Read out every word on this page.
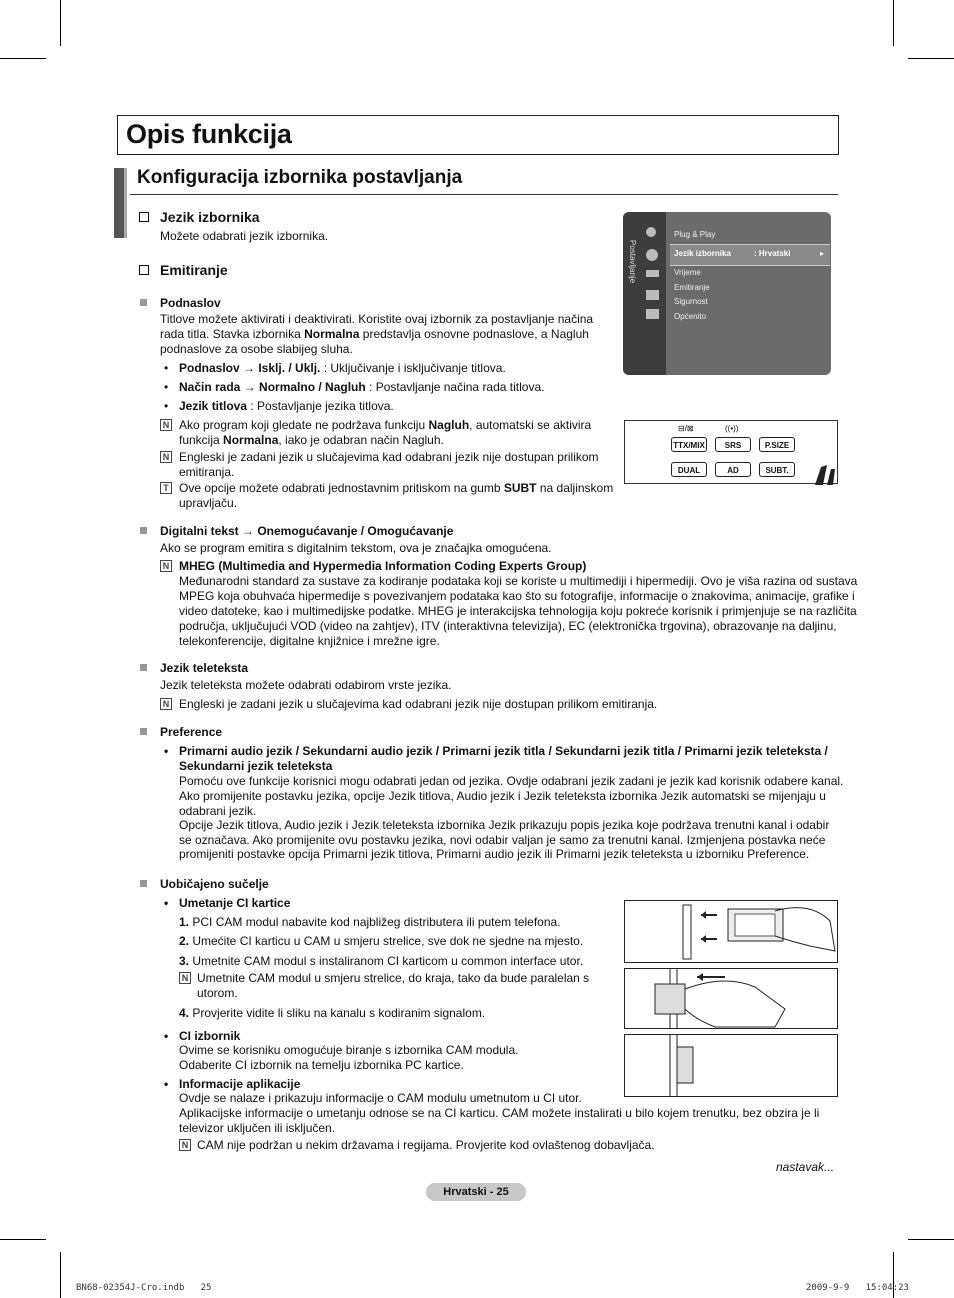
Opis funkcija
Konfiguracija izbornika postavljanja
Jezik izbornika
Možete odabrati jezik izbornika.
Emitiranje
Podnaslov
Titlove možete aktivirati i deaktivirati. Koristite ovaj izbornik za postavljanje načina
rada titla. Stavka izbornika Normalna predstavlja osnovne podnaslove, a Nagluh
podnaslove za osobe slabijeg sluha.
• Podnaslov → Isklj. / Uklj. : Uključivanje i isključivanje titlova.
• Način rada → Normalno / Nagluh : Postavljanje načina rada titlova.
• Jezik titlova : Postavljanje jezika titlova.
N Ako program koji gledate ne podržava funkciju Nagluh, automatski se aktivira
funkcija Normalna, iako je odabran način Nagluh.
N Engleski je zadani jezik u slučajevima kad odabrani jezik nije dostupan prilikom
emitiranja.
T Ove opcije možete odabrati jednostavnim pritiskom na gumb SUBT na daljinskom
upravljaču.
Digitalni tekst → Onemogućavanje / Omogućavanje
Ako se program emitira s digitalnim tekstom, ova je značajka omogućena.
N MHEG (Multimedia and Hypermedia Information Coding Experts Group)
Međunarodni standard za sustave za kodiranje podataka koji se koriste u multimediji i hipermediji. Ovo je viša razina od sustava
MPEG koja obuhvaća hipermedije s povezivanjem podataka kao što su fotografije, informacije o znakovima, animacije, grafike i
video datoteke, kao i multimedijske podatke. MHEG je interakcijska tehnologija koju pokreće korisnik i primjenjuje se na različita
područja, uključujući VOD (video na zahtjev), ITV (interaktivna televizija), EC (elektronička trgovina), obrazovanje na daljinu,
telekonferencije, digitalne knjižnice i mrežne igre.
Jezik teleteksta
Jezik teleteksta možete odabrati odabirom vrste jezika.
N Engleski je zadani jezik u slučajevima kad odabrani jezik nije dostupan prilikom emitiranja.
Preference
• Primarni audio jezik / Sekundarni audio jezik / Primarni jezik titla / Sekundarni jezik titla / Primarni jezik teleteksta /
Sekundarni jezik teleteksta
Pomoću ove funkcije korisnici mogu odabrati jedan od jezika. Ovdje odabrani jezik zadani je jezik kad korisnik odabere kanal.
Ako promijenite postavku jezika, opcije Jezik titlova, Audio jezik i Jezik teleteksta izbornika Jezik automatski se mijenjaju u
odabrani jezik.
Opcije Jezik titlova, Audio jezik i Jezik teleteksta izbornika Jezik prikazuju popis jezika koje podržava trenutni kanal i odabir
se označava. Ako promijenite ovu postavku jezika, novi odabir valjan je samo za trenutni kanal. Izmjenjena postavka neće
promijeniti postavke opcija Primarni jezik titlova, Primarni audio jezik ili Primarni jezik teleteksta u izborniku Preference.
Uobičajeno sučelje
• Umetanje CI kartice
1. PCI CAM modul nabavite kod najbližeg distributera ili putem telefona.
2. Umećite CI karticu u CAM u smjeru strelice, sve dok ne sjedne na mjesto.
3. Umetnite CAM modul s instaliranom CI karticom u common interface utor.
N Umetnite CAM modul u smjeru strelice, do kraja, tako da bude paralelan s
utorom.
4. Provjerite vidite li sliku na kanalu s kodiranim signalom.
• CI izbornik
Ovime se korisniku omogućuje biranje s izbornika CAM modula.
Odaberite CI izbornik na temelju izbornika PC kartice.
• Informacije aplikacije
Ovdje se nalaze i prikazuju informacije o CAM modulu umetnutom u CI utor.
Aplikacijske informacije o umetanju odnose se na CI karticu. CAM možete instalirati u bilo kojem trenutku, bez obzira je li
televizor uključen ili isključen.
N CAM nije podržan u nekim državama i regijama. Provjerite kod ovlaštenog dobavljača.
nastavak...
Postavljanje
Plug & Play
Jezik izbornika	: Hrvatski	▸
Vrijeme
Emitiranje
Sigurnost
Općenito
⊟/⊠	((•))
TTX/MIX	SRS	P.SIZE
DUAL	AD	SUBT.
Hrvatski - 25
BN68-02354J-Cro.indb   25	2009-9-9   15:04:23
